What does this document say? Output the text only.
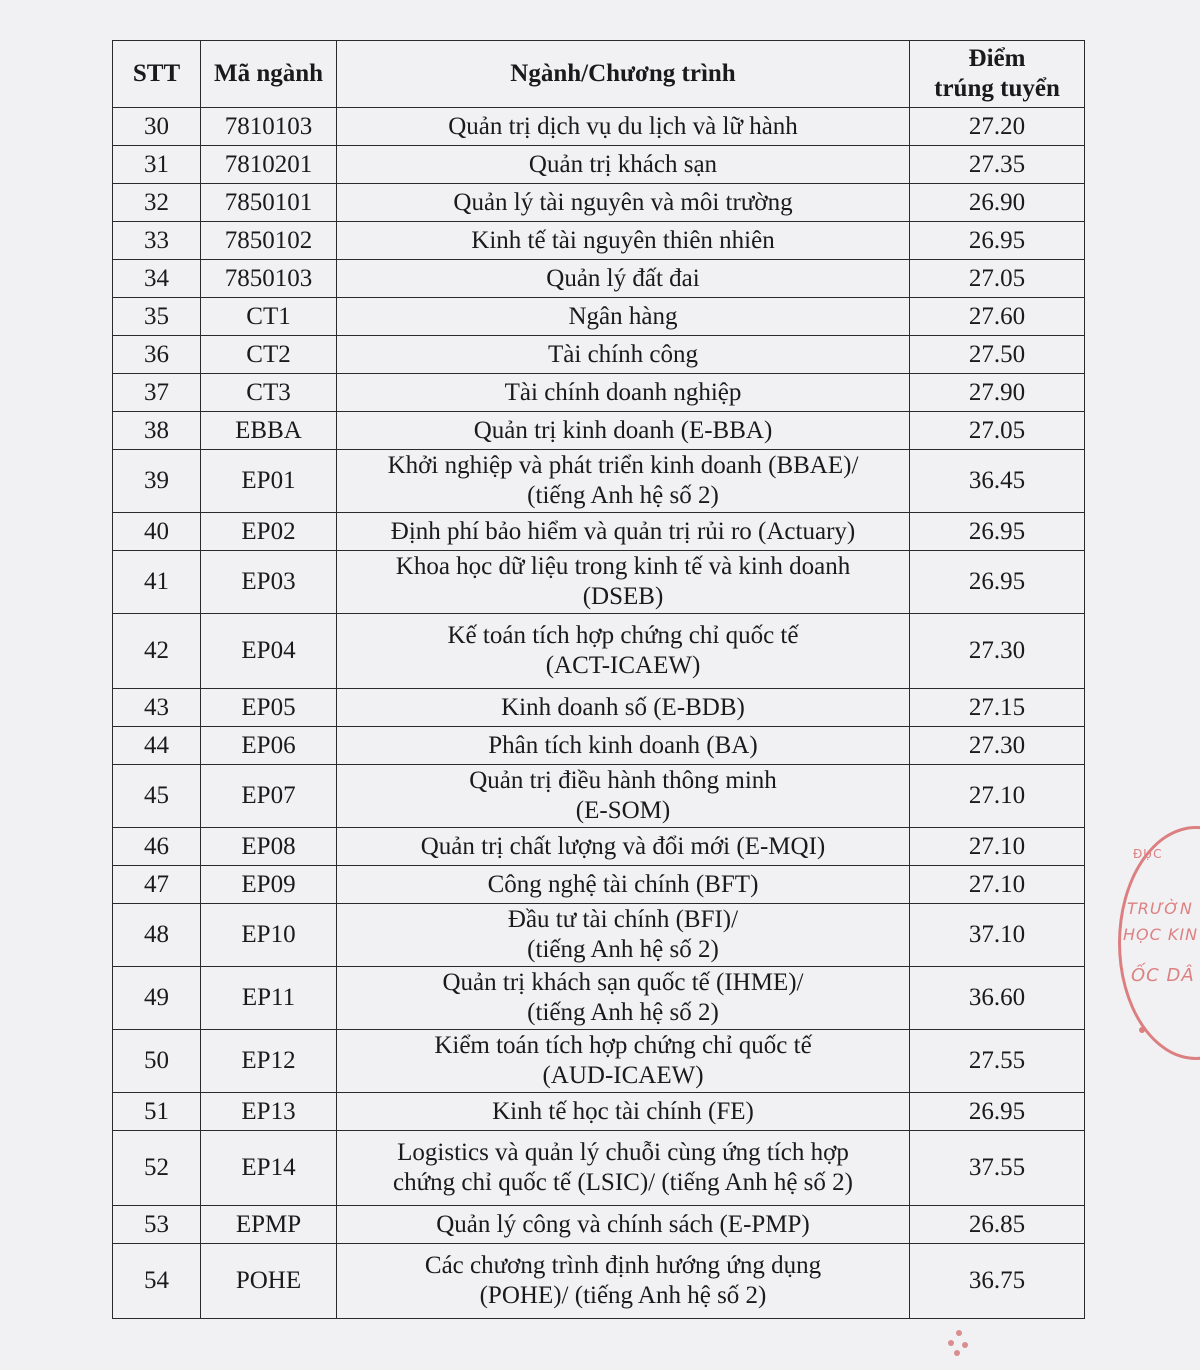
STT	Mã ngành	Ngành/Chương trình	Điểm
trúng tuyển

30	7810103	Quản trị dịch vụ du lịch và lữ hành	27.20
31	7810201	Quản trị khách sạn	27.35
32	7850101	Quản lý tài nguyên và môi trường	26.90
33	7850102	Kinh tế tài nguyên thiên nhiên	26.95
34	7850103	Quản lý đất đai	27.05
35	CT1	Ngân hàng	27.60
36	CT2	Tài chính công	27.50
37	CT3	Tài chính doanh nghiệp	27.90
38	EBBA	Quản trị kinh doanh (E-BBA)	27.05
39	EP01	Khởi nghiệp và phát triển kinh doanh (BBAE)/
(tiếng Anh hệ số 2)	36.45
40	EP02	Định phí bảo hiểm và quản trị rủi ro (Actuary)	26.95
41	EP03	Khoa học dữ liệu trong kinh tế và kinh doanh
(DSEB)	26.95
42	EP04	Kế toán tích hợp chứng chỉ quốc tế
(ACT-ICAEW)	27.30
43	EP05	Kinh doanh số (E-BDB)	27.15
44	EP06	Phân tích kinh doanh (BA)	27.30
45	EP07	Quản trị điều hành thông minh
(E-SOM)	27.10
46	EP08	Quản trị chất lượng và đổi mới (E-MQI)	27.10
47	EP09	Công nghệ tài chính (BFT)	27.10
48	EP10	Đầu tư tài chính (BFI)/
(tiếng Anh hệ số 2)	37.10
49	EP11	Quản trị khách sạn quốc tế (IHME)/
(tiếng Anh hệ số 2)	36.60
50	EP12	Kiểm toán tích hợp chứng chỉ quốc tế
(AUD-ICAEW)	27.55
51	EP13	Kinh tế học tài chính (FE)	26.95
52	EP14	Logistics và quản lý chuỗi cùng ứng tích hợp
chứng chỉ quốc tế (LSIC)/ (tiếng Anh hệ số 2)	37.55
53	EPMP	Quản lý công và chính sách (E-PMP)	26.85
54	POHE	Các chương trình định hướng ứng dụng
(POHE)/ (tiếng Anh hệ số 2)	36.75
ĐỤC
TRƯỜN
HỌC KIN
ỐC DÂ
